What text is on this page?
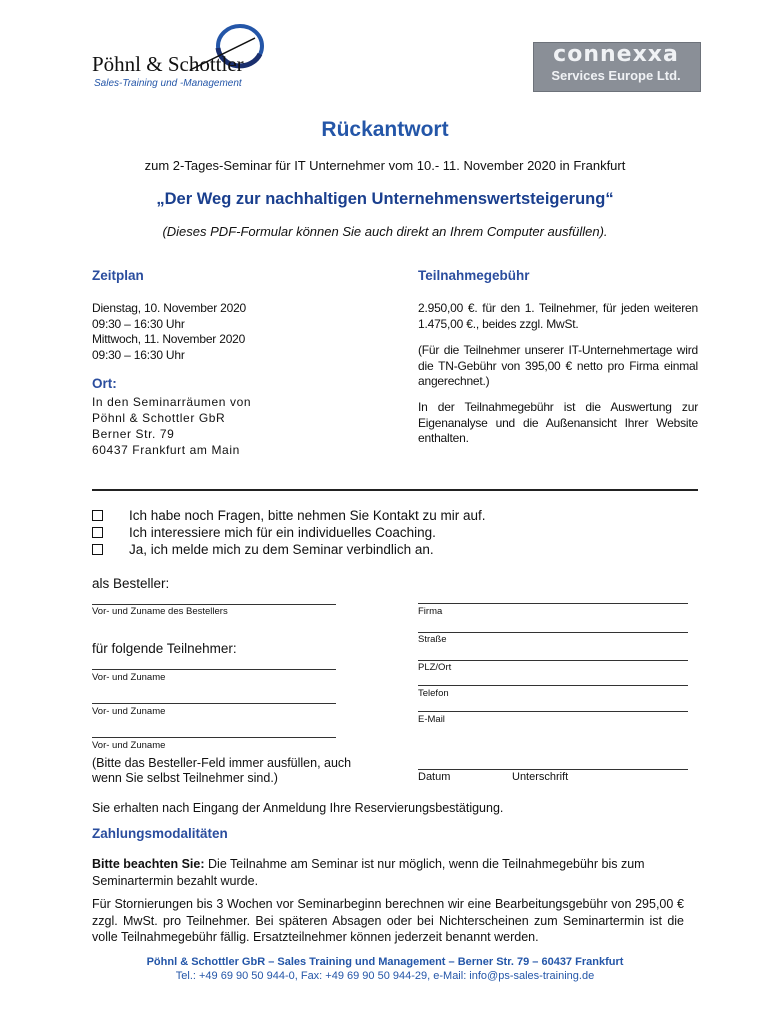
Pöhnl & Schottler
Sales-Training und -Management
connexxa
Services Europe Ltd.
Rückantwort
zum 2-Tages-Seminar für IT Unternehmer vom 10.- 11. November 2020 in Frankfurt
„Der Weg zur nachhaltigen Unternehmenswertsteigerung“
(Dieses PDF-Formular können Sie auch direkt an Ihrem Computer ausfüllen).
Zeitplan
Dienstag, 10. November 2020
09:30 – 16:30 Uhr
Mittwoch, 11. November 2020
09:30 – 16:30 Uhr
Ort:
In den Seminarräumen von
Pöhnl & Schottler GbR
Berner Str. 79
60437 Frankfurt am Main
Teilnahmegebühr
2.950,00 €. für den 1. Teilnehmer, für jeden weiteren 1.475,00 €., beides zzgl. MwSt.
(Für die Teilnehmer unserer IT-Unternehmertage wird die TN-Gebühr von 395,00 € netto pro Firma einmal angerechnet.)
In der Teilnahmegebühr ist die Auswertung zur Eigenanalyse und die Außenansicht Ihrer Website enthalten.
Ich habe noch Fragen, bitte nehmen Sie Kontakt zu mir auf.
Ich interessiere mich für ein individuelles Coaching.
Ja, ich melde mich zu dem Seminar verbindlich an.
als Besteller:
Vor- und Zuname des Bestellers
für folgende Teilnehmer:
Vor- und Zuname
Vor- und Zuname
Vor- und Zuname
(Bitte das Besteller-Feld immer ausfüllen, auch wenn Sie selbst Teilnehmer sind.)
Firma
Straße
PLZ/Ort
Telefon
E-Mail
Datum	Unterschrift
Sie erhalten nach Eingang der Anmeldung Ihre Reservierungsbestätigung.
Zahlungsmodalitäten
Bitte beachten Sie: Die Teilnahme am Seminar ist nur möglich, wenn die Teilnahmegebühr bis zum Seminartermin bezahlt wurde.
Für Stornierungen bis 3 Wochen vor Seminarbeginn berechnen wir eine Bearbeitungsgebühr von 295,00 € zzgl. MwSt. pro Teilnehmer. Bei späteren Absagen oder bei Nichterscheinen zum Seminartermin ist die volle Teilnahmegebühr fällig. Ersatzteilnehmer können jederzeit benannt werden.
Pöhnl & Schottler GbR – Sales Training und Management – Berner Str. 79 – 60437 Frankfurt
Tel.: +49 69 90 50 944-0, Fax: +49 69 90 50 944-29, e-Mail: info@ps-sales-training.de
